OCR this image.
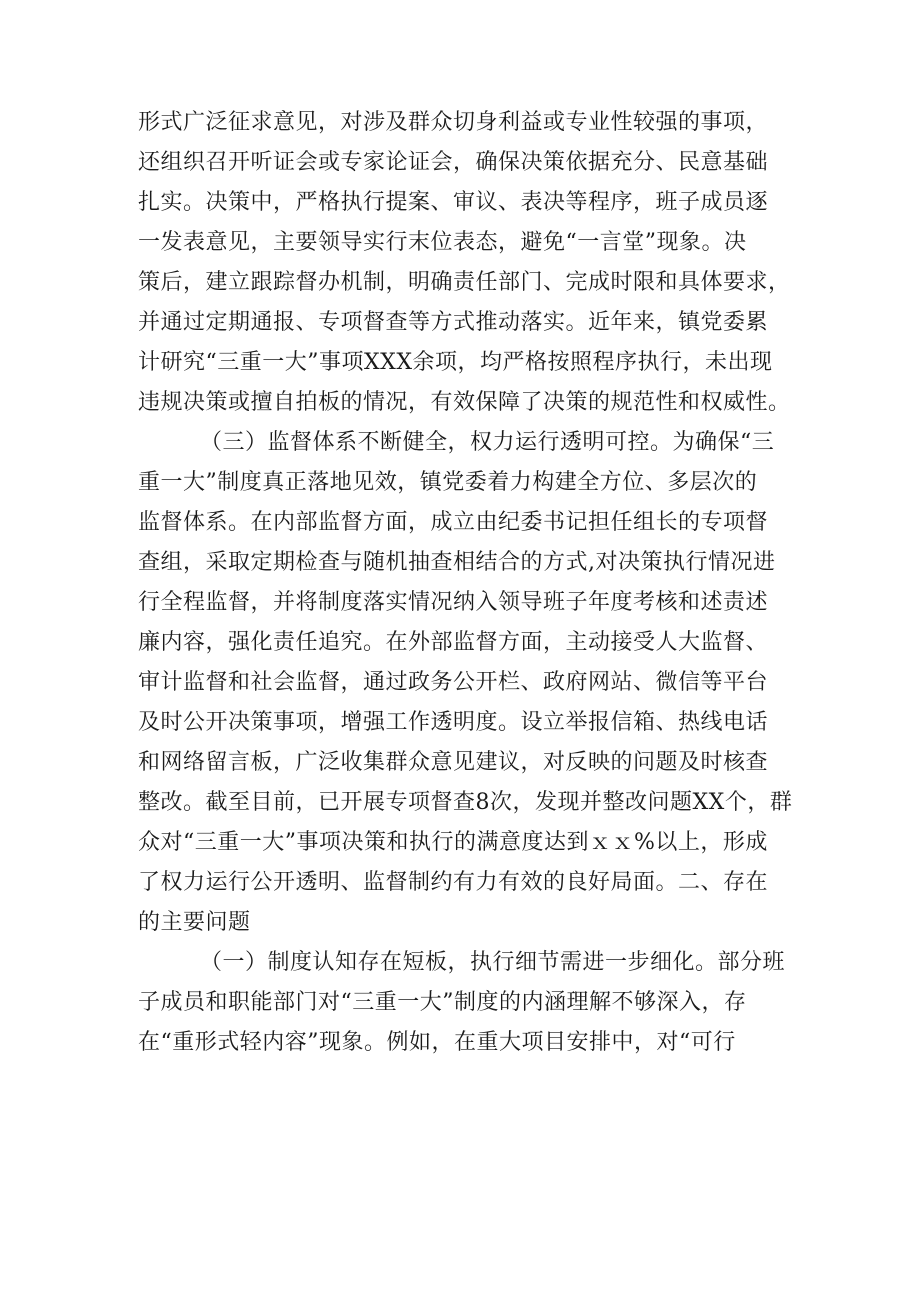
形式广泛征求意见，对涉及群众切身利益或专业性较强的事项，
还组织召开听证会或专家论证会，确保决策依据充分、民意基础
扎实。决策中，严格执行提案、审议、表决等程序，班子成员逐
一发表意见，主要领导实行末位表态，避免“一言堂”现象。决
策后，建立跟踪督办机制，明确责任部门、完成时限和具体要求，
并通过定期通报、专项督查等方式推动落实。近年来，镇党委累
计研究“三重一大”事项XXX余项，均严格按照程序执行，未出现
违规决策或擅自拍板的情况，有效保障了决策的规范性和权威性。
（三）监督体系不断健全，权力运行透明可控。为确保“三
重一大”制度真正落地见效，镇党委着力构建全方位、多层次的
监督体系。在内部监督方面，成立由纪委书记担任组长的专项督
查组，采取定期检查与随机抽查相结合的方式,对决策执行情况进
行全程监督，并将制度落实情况纳入领导班子年度考核和述责述
廉内容，强化责任追究。在外部监督方面，主动接受人大监督、
审计监督和社会监督，通过政务公开栏、政府网站、微信等平台
及时公开决策事项，增强工作透明度。设立举报信箱、热线电话
和网络留言板，广泛收集群众意见建议，对反映的问题及时核查
整改。截至目前，已开展专项督查8次，发现并整改问题XX个，群
众对“三重一大”事项决策和执行的满意度达到ｘｘ%以上，形成
了权力运行公开透明、监督制约有力有效的良好局面。二、存在
的主要问题
（一）制度认知存在短板，执行细节需进一步细化。部分班
子成员和职能部门对“三重一大”制度的内涵理解不够深入，存
在“重形式轻内容”现象。例如，在重大项目安排中，对“可行
